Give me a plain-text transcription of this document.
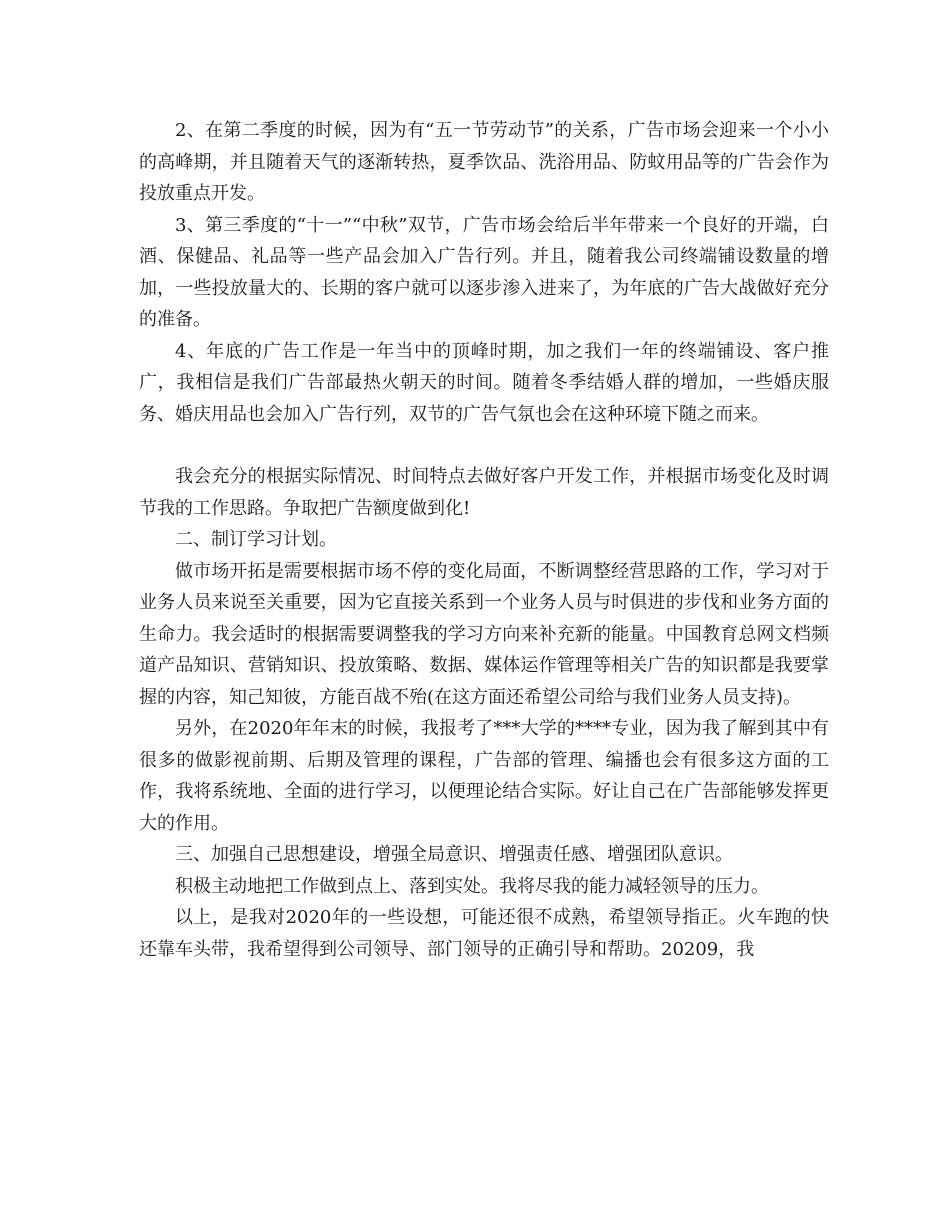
2、在第二季度的时候，因为有“五一节劳动节”的关系，广告市场会迎来一个小小的高峰期，并且随着天气的逐渐转热，夏季饮品、洗浴用品、防蚊用品等的广告会作为投放重点开发。

3、第三季度的“十一”“中秋”双节，广告市场会给后半年带来一个良好的开端，白酒、保健品、礼品等一些产品会加入广告行列。并且，随着我公司终端铺设数量的增加，一些投放量大的、长期的客户就可以逐步渗入进来了，为年底的广告大战做好充分的准备。

4、年底的广告工作是一年当中的顶峰时期，加之我们一年的终端铺设、客户推广，我相信是我们广告部最热火朝天的时间。随着冬季结婚人群的增加，一些婚庆服务、婚庆用品也会加入广告行列，双节的广告气氛也会在这种环境下随之而来。

我会充分的根据实际情况、时间特点去做好客户开发工作，并根据市场变化及时调节我的工作思路。争取把广告额度做到化!

二、制订学习计划。

做市场开拓是需要根据市场不停的变化局面，不断调整经营思路的工作，学习对于业务人员来说至关重要，因为它直接关系到一个业务人员与时俱进的步伐和业务方面的生命力。我会适时的根据需要调整我的学习方向来补充新的能量。中国教育总网文档频道产品知识、营销知识、投放策略、数据、媒体运作管理等相关广告的知识都是我要掌握的内容，知己知彼，方能百战不殆(在这方面还希望公司给与我们业务人员支持)。

另外，在2020年年末的时候，我报考了***大学的****专业，因为我了解到其中有很多的做影视前期、后期及管理的课程，广告部的管理、编播也会有很多这方面的工作，我将系统地、全面的进行学习，以便理论结合实际。好让自己在广告部能够发挥更大的作用。

三、加强自己思想建设，增强全局意识、增强责任感、增强团队意识。

积极主动地把工作做到点上、落到实处。我将尽我的能力减轻领导的压力。

以上，是我对2020年的一些设想，可能还很不成熟，希望领导指正。火车跑的快还靠车头带，我希望得到公司领导、部门领导的正确引导和帮助。20209，我
